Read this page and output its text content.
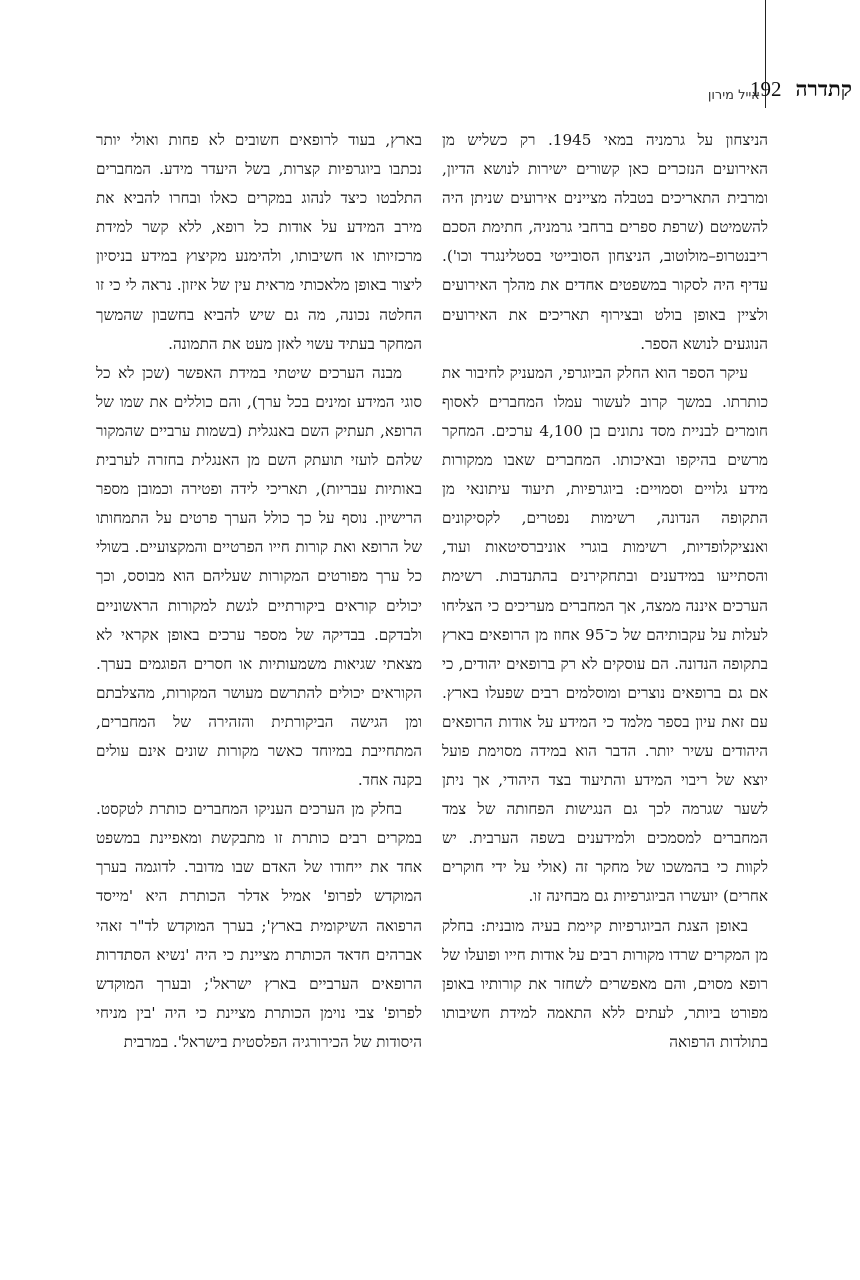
קתדרה
192
אייל מירון

הניצחון על גרמניה במאי 1945. רק כשליש מן האירועים הנזכרים כאן קשורים ישירות לנושא הדיון, ומרבית התאריכים בטבלה מציינים אירועים שניתן היה להשמיטם (שרפת ספרים ברחבי גרמניה, חתימת הסכם ריבנטרופ–מולוטוב, הניצחון הסובייטי בסטלינגרד וכו'). עדיף היה לסקור במשפטים אחדים את מהלך האירועים ולציין באופן בולט ובצירוף תאריכים את האירועים הנוגעים לנושא הספר.

עיקר הספר הוא החלק הביוגרפי, המעניק לחיבור את כותרתו. במשך קרוב לעשור עמלו המחברים לאסוף חומרים לבניית מסד נתונים בן 4,100 ערכים. המחקר מרשים בהיקפו ובאיכותו. המחברים שאבו ממקורות מידע גלויים וסמויים: ביוגרפיות, תיעוד עיתונאי מן התקופה הנדונה, רשימות נפטרים, לקסיקונים ואנציקלופדיות, רשימות בוגרי אוניברסיטאות ועוד, והסתייעו במידענים ובתחקירנים בהתנדבות. רשימת הערכים איננה ממצה, אך המחברים מעריכים כי הצליחו לעלות על עקבותיהם של כ־95 אחוז מן הרופאים בארץ בתקופה הנדונה. הם עוסקים לא רק ברופאים יהודים, כי אם גם ברופאים נוצרים ומוסלמים רבים שפעלו בארץ. עם זאת עיון בספר מלמד כי המידע על אודות הרופאים היהודים עשיר יותר. הדבר הוא במידה מסוימת פועל יוצא של ריבוי המידע והתיעוד בצד היהודי, אך ניתן לשער שגרמה לכך גם הנגישות הפחותה של צמד המחברים למסמכים ולמידענים בשפה הערבית. יש לקוות כי בהמשכו של מחקר זה (אולי על ידי חוקרים אחרים) יועשרו הביוגרפיות גם מבחינה זו.

באופן הצגת הביוגרפיות קיימת בעיה מובנית: בחלק מן המקרים שרדו מקורות רבים על אודות חייו ופועלו של רופא מסוים, והם מאפשרים לשחזר את קורותיו באופן מפורט ביותר, לעתים ללא התאמה למידת חשיבותו בתולדות הרפואה

בארץ, בעוד לרופאים חשובים לא פחות ואולי יותר נכתבו ביוגרפיות קצרות, בשל היעדר מידע. המחברים התלבטו כיצד לנהוג במקרים כאלו ובחרו להביא את מירב המידע על אודות כל רופא, ללא קשר למידת מרכזיותו או חשיבותו, ולהימנע מקיצוץ במידע בניסיון ליצור באופן מלאכותי מראית עין של איזון. נראה לי כי זו החלטה נכונה, מה גם שיש להביא בחשבון שהמשך המחקר בעתיד עשוי לאזן מעט את התמונה.

מבנה הערכים שיטתי במידת האפשר (שכן לא כל סוגי המידע זמינים בכל ערך), והם כוללים את שמו של הרופא, תעתיק השם באנגלית (בשמות ערביים שהמקור שלהם לועזי תועתק השם מן האנגלית בחזרה לערבית באותיות עבריות), תאריכי לידה ופטירה וכמובן מספר הרישיון. נוסף על כך כולל הערך פרטים על התמחותו של הרופא ואת קורות חייו הפרטיים והמקצועיים. בשולי כל ערך מפורטים המקורות שעליהם הוא מבוסס, וכך יכולים קוראים ביקורתיים לגשת למקורות הראשוניים ולבדקם. בבדיקה של מספר ערכים באופן אקראי לא מצאתי שגיאות משמעותיות או חסרים הפוגמים בערך. הקוראים יכולים להתרשם מעושר המקורות, מהצלבתם ומן הגישה הביקורתית והזהירה של המחברים, המתחייבת במיוחד כאשר מקורות שונים אינם עולים בקנה אחד.

בחלק מן הערכים העניקו המחברים כותרת לטקסט. במקרים רבים כותרת זו מתבקשת ומאפיינת במשפט אחד את ייחודו של האדם שבו מדובר. לדוגמה בערך המוקדש לפרופ' אמיל אדלר הכותרת היא 'מייסד הרפואה השיקומית בארץ'; בערך המוקדש לד"ר זאהי אברהים חדאד הכותרת מציינת כי היה 'נשיא הסתדרות הרופאים הערביים בארץ ישראל'; ובערך המוקדש לפרופ' צבי נוימן הכותרת מציינת כי היה 'בין מניחי היסודות של הכירורגיה הפלסטית בישראל'. במרבית
